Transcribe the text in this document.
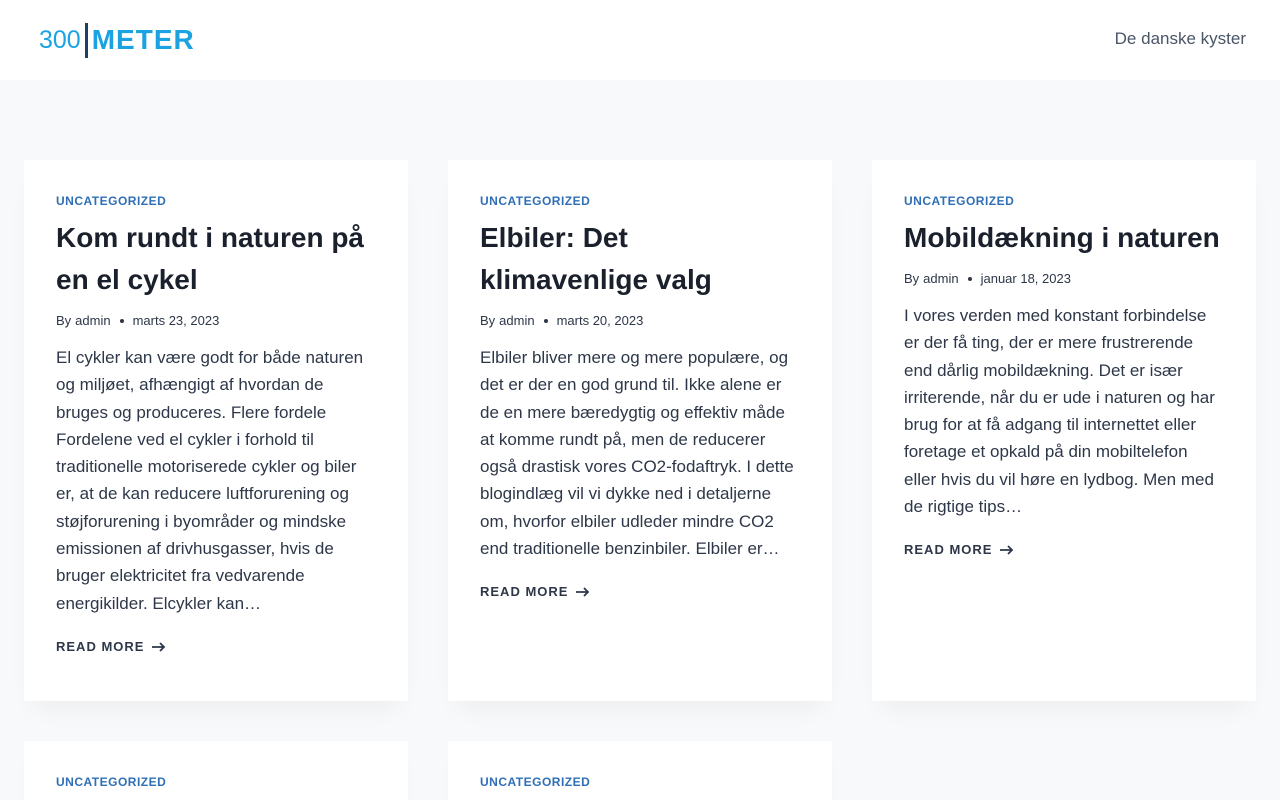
300 METER	De danske kyster
UNCATEGORIZED
Kom rundt i naturen på en el cykel
By admin marts 23, 2023

El cykler kan være godt for både naturen og miljøet, afhængigt af hvordan de bruges og produceres. Flere fordele Fordelene ved el cykler i forhold til traditionelle motoriserede cykler og biler er, at de kan reducere luftforurening og støjforurening i byområder og mindske emissionen af drivhusgasser, hvis de bruger elektricitet fra vedvarende energikilder. Elcykler kan…

READ MORE
UNCATEGORIZED
Elbiler: Det klimavenlige valg
By admin marts 20, 2023

Elbiler bliver mere og mere populære, og det er der en god grund til. Ikke alene er de en mere bæredygtig og effektiv måde at komme rundt på, men de reducerer også drastisk vores CO2-fodaftryk. I dette blogindlæg vil vi dykke ned i detaljerne om, hvorfor elbiler udleder mindre CO2 end traditionelle benzinbiler. Elbiler er…

READ MORE
UNCATEGORIZED
Mobildækning i naturen
By admin januar 18, 2023

I vores verden med konstant forbindelse er der få ting, der er mere frustrerende end dårlig mobildækning. Det er især irriterende, når du er ude i naturen og har brug for at få adgang til internettet eller foretage et opkald på din mobiltelefon eller hvis du vil høre en lydbog. Men med de rigtige tips…

READ MORE
UNCATEGORIZED	UNCATEGORIZED
